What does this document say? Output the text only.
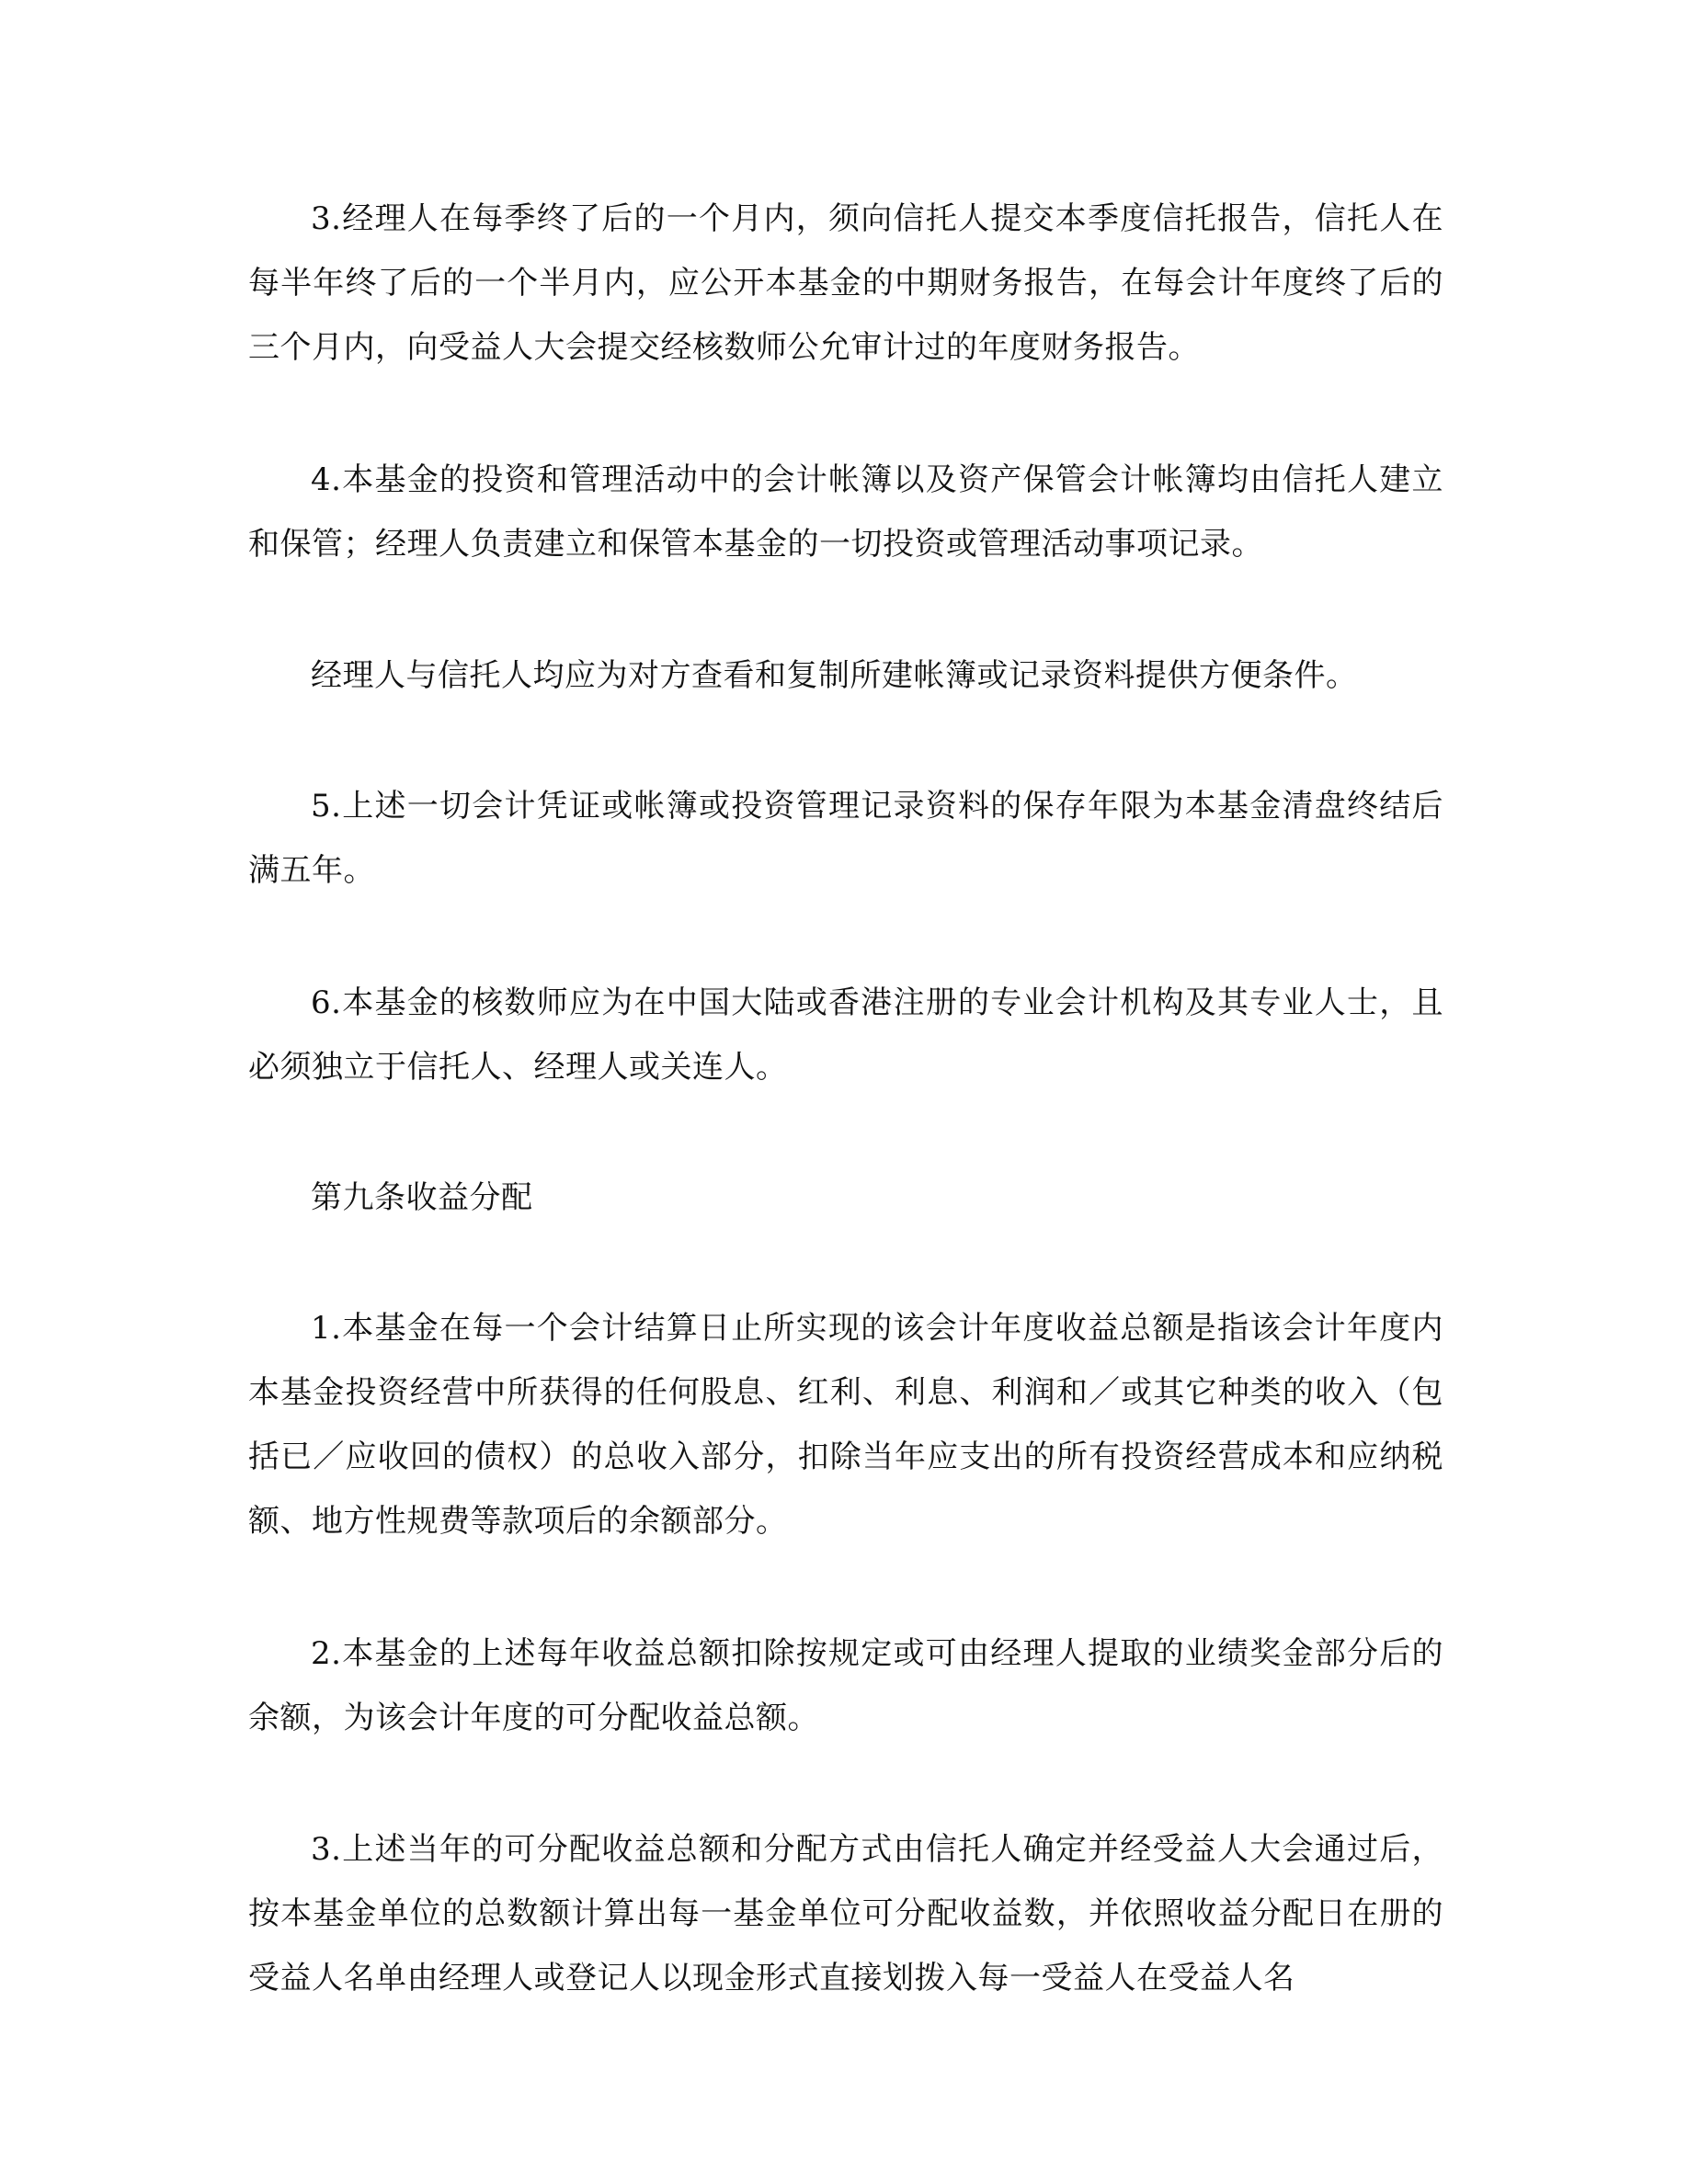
3.经理人在每季终了后的一个月内，须向信托人提交本季度信托报告，信托人在每半年终了后的一个半月内，应公开本基金的中期财务报告，在每会计年度终了后的三个月内，向受益人大会提交经核数师公允审计过的年度财务报告。

4.本基金的投资和管理活动中的会计帐簿以及资产保管会计帐簿均由信托人建立和保管；经理人负责建立和保管本基金的一切投资或管理活动事项记录。

经理人与信托人均应为对方查看和复制所建帐簿或记录资料提供方便条件。

5.上述一切会计凭证或帐簿或投资管理记录资料的保存年限为本基金清盘终结后满五年。

6.本基金的核数师应为在中国大陆或香港注册的专业会计机构及其专业人士，且必须独立于信托人、经理人或关连人。

第九条收益分配

1.本基金在每一个会计结算日止所实现的该会计年度收益总额是指该会计年度内本基金投资经营中所获得的任何股息、红利、利息、利润和／或其它种类的收入（包括已／应收回的债权）的总收入部分，扣除当年应支出的所有投资经营成本和应纳税额、地方性规费等款项后的余额部分。

2.本基金的上述每年收益总额扣除按规定或可由经理人提取的业绩奖金部分后的余额，为该会计年度的可分配收益总额。

3.上述当年的可分配收益总额和分配方式由信托人确定并经受益人大会通过后，按本基金单位的总数额计算出每一基金单位可分配收益数，并依照收益分配日在册的受益人名单由经理人或登记人以现金形式直接划拨入每一受益人在受益人名
